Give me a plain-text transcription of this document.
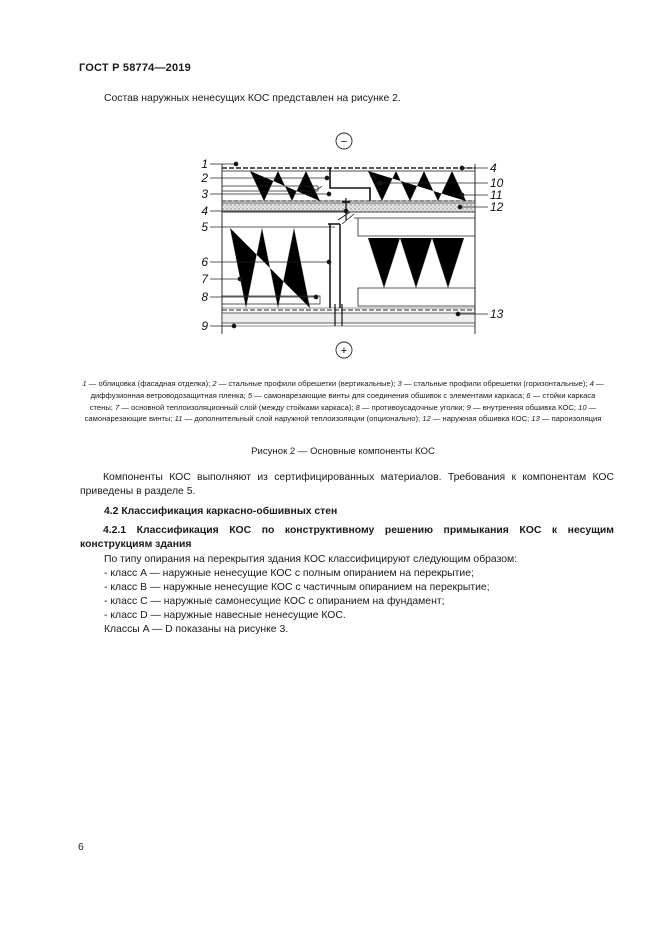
ГОСТ Р 58774—2019
Состав наружных ненесущих КОС представлен на рисунке 2.
−
+
1
2
3
4
5
6
7
8
9
4
10
11
12
13
1 — облицовка (фасадная отделка); 2 — стальные профили обрешетки (вертикальные); 3 — стальные профили обрешетки (горизонтальные); 4 — диффузионная ветроводозащитная пленка; 5 — самонарезающие винты для соединения обшивок с элементами каркаса; 6 — стойки каркаса стены; 7 — основной теплоизоляционный слой (между стойками каркаса); 8 — противоусадочные уголки; 9 — внутренняя обшивка КОС; 10 — самонарезающие винты; 11 — дополнительный слой наружной теплоизоляции (опционально); 12 — наружная обшивка КОС; 13 — пароизоляция
Рисунок 2 — Основные компоненты КОС
Компоненты КОС выполняют из сертифицированных материалов. Требования к компонентам КОС приведены в разделе 5.
4.2 Классификация каркасно-обшивных стен
4.2.1 Классификация КОС по конструктивному решению примыкания КОС к несущим конструкциям здания
По типу опирания на перекрытия здания КОС классифицируют следующим образом:
- класс A — наружные ненесущие КОС с полным опиранием на перекрытие;
- класс B — наружные ненесущие КОС с частичным опиранием на перекрытие;
- класс C — наружные самонесущие КОС с опиранием на фундамент;
- класс D — наружные навесные ненесущие КОС.
Классы A — D показаны на рисунке 3.
6
